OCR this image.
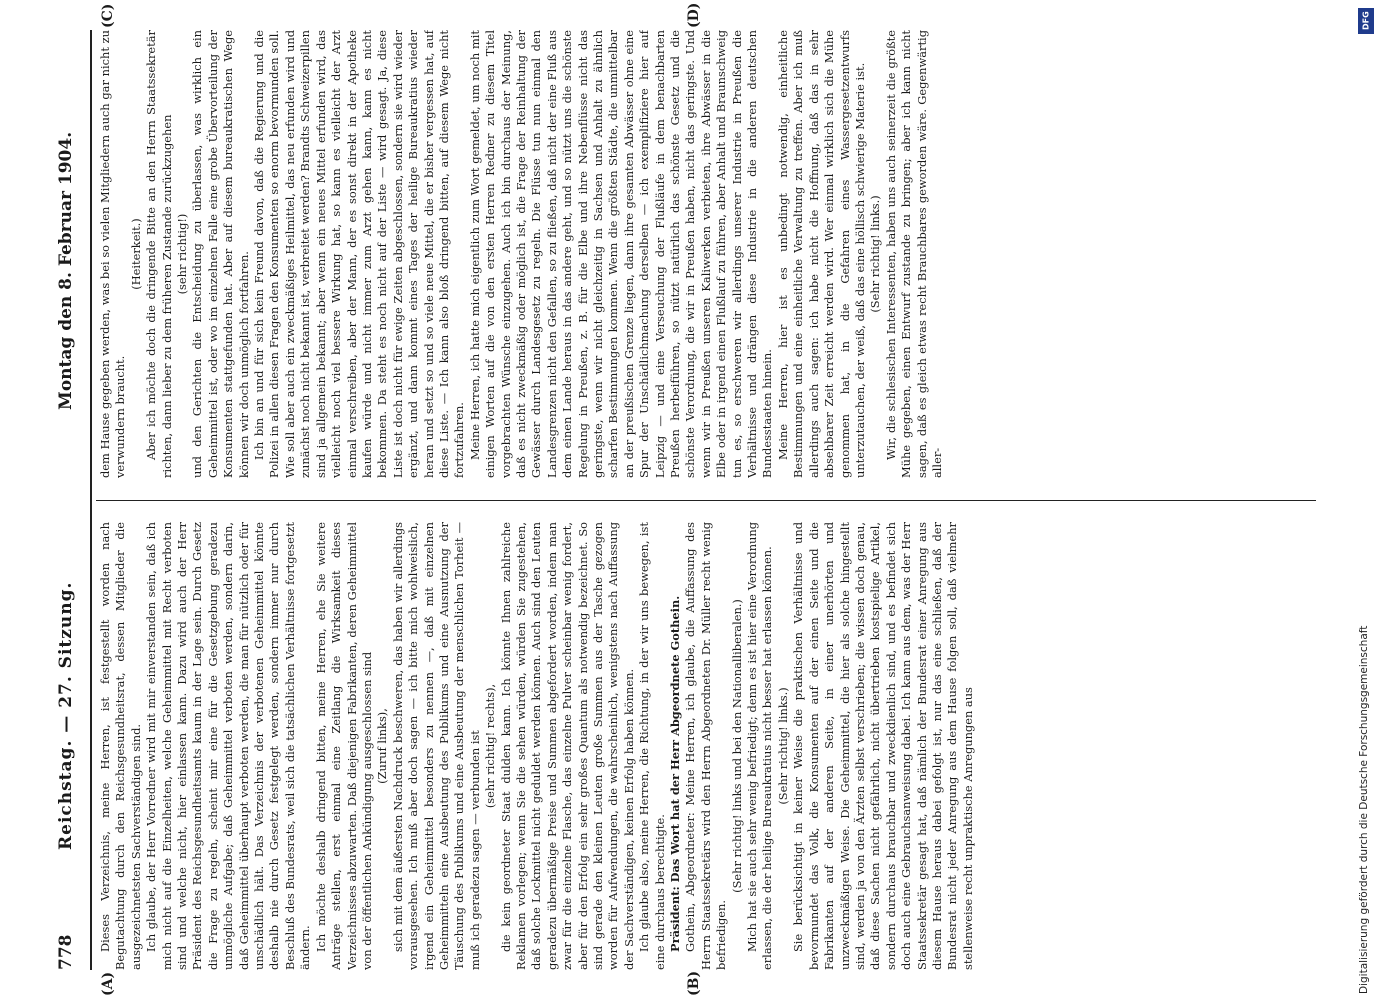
778
Reichstag. — 27. Sitzung.
Montag den 8. Februar 1904.
(A)	(B)
(C)	(D)

Dieses Verzeichnis, meine Herren, ist festgestellt worden nach Begutachtung durch den Reichsgesundheitsrat, dessen Mitglieder die ausgezeichnetsten Sachverständigen sind. Ich glaube, der Herr Vorredner wird mit mir einverstanden sein, daß ich mich nicht auf die Einzelheiten, welche Geheimmittel mit Recht verboten sind und welche nicht, hier einlassen kann. Dazu wird auch der Herr Präsident des Reichsgesundheitsamts kaum in der Lage sein. Durch Gesetz die Frage zu regeln, scheint mir eine für die Gesetzgebung geradezu unmögliche Aufgabe; daß Geheimmittel verboten werden, sondern darin, daß Geheimmittel überhaupt verboten werden, die man für nützlich oder für unschädlich hält. Das Verzeichnis der verbotenen Geheimmittel könnte deshalb nie durch Gesetz festgelegt werden, sondern immer nur durch Beschluß des Bundesrats, weil sich die tatsächlichen Verhältnisse fortgesetzt ändern. Ich möchte deshalb dringend bitten, meine Herren, ehe Sie weitere Anträge stellen, erst einmal eine Zeitlang die Wirksamkeit dieses Verzeichnisses abzuwarten. Daß diejenigen Fabrikanten, deren Geheimmittel von der öffentlichen Ankündigung ausgeschlossen sind (Zuruf links), sich mit dem äußersten Nachdruck beschweren, das haben wir allerdings vorausgesehen. Ich muß aber doch sagen — ich bitte mich wohlweislich, irgend ein Geheimmittel besonders zu nennen —, daß mit einzelnen Geheimmitteln eine Ausbeutung des Publikums und eine Ausnutzung der Täuschung des Publikums und eine Ausbeutung der menschlichen Torheit — muß ich geradezu sagen — verbunden ist (sehr richtig! rechts), die kein geordneter Staat dulden kann. Ich könnte Ihnen zahlreiche Reklamen vorlegen; wenn Sie die sehen würden, würden Sie zugestehen, daß solche Lockmittel nicht geduldet werden können. Auch sind den Leuten geradezu übermäßige Preise und Summen abgefordert worden, indem man zwar für die einzelne Flasche, das einzelne Pulver scheinbar wenig fordert, aber für den Erfolg ein sehr großes Quantum als notwendig bezeichnet. So sind gerade den kleinen Leuten große Summen aus der Tasche gezogen worden für Aufwendungen, die wahrscheinlich, wenigstens nach Auffassung der Sachverständigen, keinen Erfolg haben können. Ich glaube also, meine Herren, die Richtung, in der wir uns bewegen, ist eine durchaus berechtigte. Präsident: Das Wort hat der Herr Abgeordnete Gothein. Gothein, Abgeordneter: Meine Herren, ich glaube, die Auffassung des Herrn Staatssekretärs wird den Herrn Abgeordneten Dr. Müller recht wenig befriedigen.

(Sehr richtig! links und bei den Nationalliberalen.) Mich hat sie auch sehr wenig befriedigt; denn es ist hier eine Verordnung erlassen, die der heilige Bureaukratius nicht besser hat erlassen können. (Sehr richtig! links.) Sie berücksichtigt in keiner Weise die praktischen Verhältnisse und bevormundet das Volk, die Konsumenten auf der einen Seite und die Fabrikanten auf der anderen Seite, in einer unerhörten und unzweckmäßigen Weise. Die Geheimmittel, die hier als solche hingestellt sind, werden ja von den Ärzten selbst verschrieben; die wissen doch genau, daß diese Sachen nicht gefährlich, nicht übertrieben kostspielige Artikel, sondern durchaus brauchbar und zweckdienlich sind, und es befindet sich doch auch eine Gebrauchsanweisung dabei. Ich kann aus dem, was der Herr Staatssekretär gesagt hat, daß nämlich der Bundesrat einer Anregung aus diesem Hause heraus dabei gefolgt ist, nur das eine schließen, daß der Bundesrat nicht jeder Anregung aus dem Hause folgen soll, daß vielmehr stellenweise recht unpraktische Anregungen aus

dem Hause gegeben werden, was bei so vielen Mitgliedern auch gar nicht zu verwundern braucht.

(Heiterkeit.) Aber ich möchte doch die dringende Bitte an den Herrn Staatssekretär richten, dann lieber zu dem früheren Zustande zurückzugehen (sehr richtig!) und den Gerichten die Entscheidung zu überlassen, was wirklich ein Geheimmittel ist, oder wo im einzelnen Falle eine grobe Übervorteilung der Konsumenten stattgefunden hat. Aber auf diesem bureaukratischen Wege können wir doch unmöglich fortfahren. Ich bin an und für sich kein Freund davon, daß die Regierung und die Polizei in allen diesen Fragen den Konsumenten so enorm bevormunden soll. Wie soll aber auch ein zweckmäßiges Heilmittel, das neu erfunden wird und zunächst noch nicht bekannt ist, verbreitet werden? Brandts Schweizerpillen sind ja allgemein bekannt; aber wenn ein neues Mittel erfunden wird, das vielleicht noch viel bessere Wirkung hat, so kann es vielleicht der Arzt einmal verschreiben, aber der Mann, der es sonst direkt in der Apotheke kaufen würde und nicht immer zum Arzt gehen kann, kann es nicht bekommen. Da steht es noch nicht auf der Liste — wird gesagt. Ja, diese Liste ist doch nicht für ewige Zeiten abgeschlossen, sondern sie wird wieder ergänzt, und dann kommt eines Tages der heilige Bureaukratius wieder heran und setzt so und so viele neue Mittel, die er bisher vergessen hat, auf diese Liste. — Ich kann also bloß dringend bitten, auf diesem Wege nicht fortzufahren. Meine Herren, ich hatte mich eigentlich zum Wort gemeldet, um noch mit einigen Worten auf die von den ersten Herren Redner zu diesem Titel vorgebrachten Wünsche einzugehen. Auch ich bin durchaus der Meinung, daß es nicht zweckmäßig oder möglich ist, die Frage der Reinhaltung der Gewässer durch Landesgesetz zu regeln. Die Flüsse tun nun einmal den Landesgrenzen nicht den Gefallen, so zu fließen, daß nicht der eine Fluß aus dem einen Lande heraus in das andere geht, und so nützt uns die schönste Regelung in Preußen, z. B. für die Elbe und ihre Nebenflüsse nicht das geringste, wenn wir nicht gleichzeitig in Sachsen und Anhalt zu ähnlich scharfen Bestimmungen kommen. Wenn die größten Städte, die unmittelbar an der preußischen Grenze liegen, dann ihre gesamten Abwässer ohne eine Spur der Unschädlichmachung derselben — ich exemplifiziere hier auf Leipzig — und eine Verseuchung der Flußläufe in dem benachbarten Preußen herbeiführen, so nützt natürlich das schönste Gesetz und die schönste Verordnung, die wir in Preußen haben, nicht das geringste. Und wenn wir in Preußen unseren Kaliwerken verbieten, ihre Abwässer in die Elbe oder in irgend einen Flußlauf zu führen, aber Anhalt und Braunschweig tun es, so erschweren wir allerdings unserer Industrie in Preußen die Verhältnisse und drängen diese Industrie in die anderen deutschen Bundesstaaten hinein. Meine Herren, hier ist es unbedingt notwendig, einheitliche Bestimmungen und eine einheitliche Verwaltung zu treffen. Aber ich muß allerdings auch sagen: ich habe nicht die Hoffnung, daß das in sehr absehbarer Zeit erreicht werden wird. Wer einmal wirklich sich die Mühe genommen hat, in die Gefahren eines Wassergesetzentwurfs unterzutauchen, der weiß, daß das eine höllisch schwierige Materie ist. (Sehr richtig! links.) Wir, die schlesischen Interessenten, haben uns auch seinerzeit die größte Mühe gegeben, einen Entwurf zustande zu bringen; aber ich kann nicht sagen, daß es gleich etwas recht Brauchbares geworden wäre. Gegenwärtig aller-

DFG
Digitalisierung gefördert durch die Deutsche Forschungsgemeinschaft
